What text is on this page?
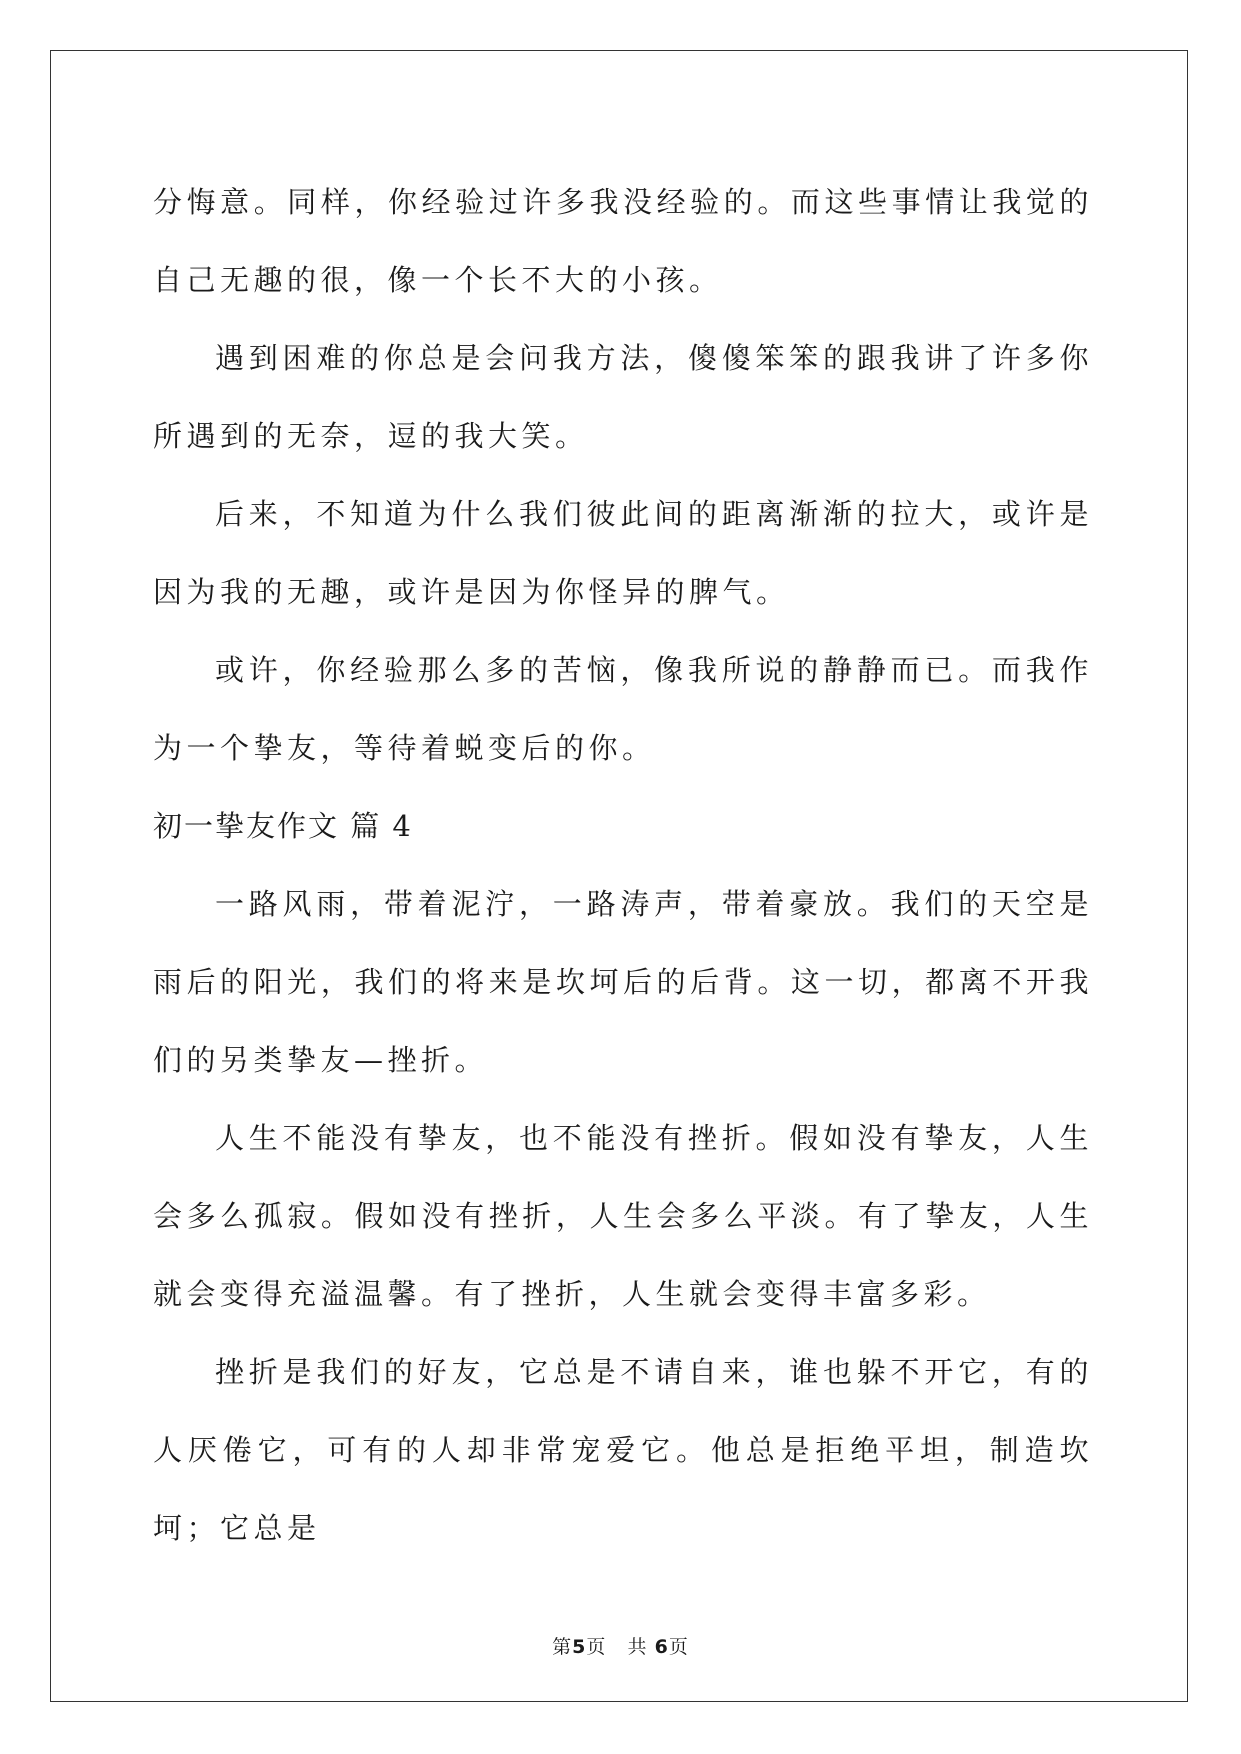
分悔意。同样，你经验过许多我没经验的。而这些事情让我觉的自己无趣的很，像一个长不大的小孩。

遇到困难的你总是会问我方法，傻傻笨笨的跟我讲了许多你所遇到的无奈，逗的我大笑。

后来，不知道为什么我们彼此间的距离渐渐的拉大，或许是因为我的无趣，或许是因为你怪异的脾气。

或许，你经验那么多的苦恼，像我所说的静静而已。而我作为一个挚友，等待着蜕变后的你。

初一挚友作文 篇 4

一路风雨，带着泥泞，一路涛声，带着豪放。我们的天空是雨后的阳光，我们的将来是坎坷后的后背。这一切，都离不开我们的另类挚友—挫折。

人生不能没有挚友，也不能没有挫折。假如没有挚友，人生会多么孤寂。假如没有挫折，人生会多么平淡。有了挚友，人生就会变得充溢温馨。有了挫折，人生就会变得丰富多彩。

挫折是我们的好友，它总是不请自来，谁也躲不开它，有的人厌倦它，可有的人却非常宠爱它。他总是拒绝平坦，制造坎坷；它总是

第5页 共 6页
